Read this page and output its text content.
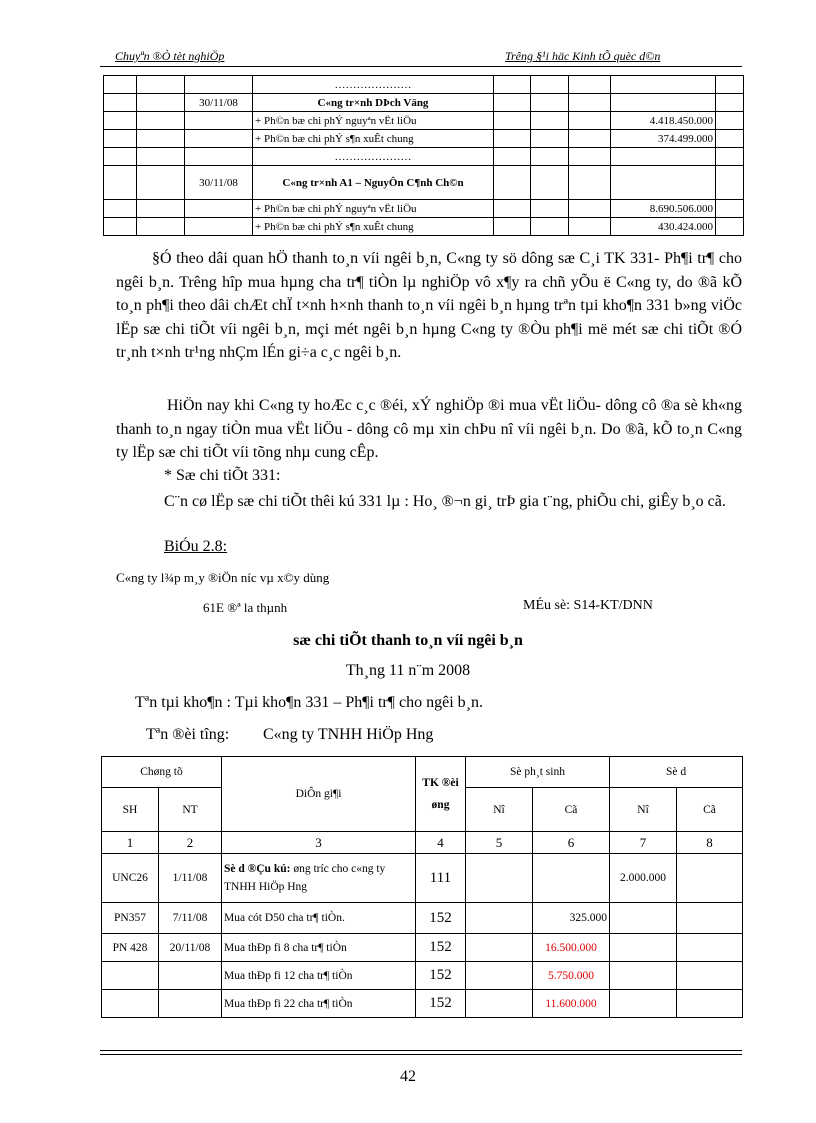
Chuyªn ®Ò tèt nghiÖp	Trêng §¹i häc Kinh tÕ quèc d©n
			…………………					
		30/11/08	C«ng tr×nh DÞch Väng					
			+ Ph©n bæ chi phÝ nguyªn vËt liÖu				4.418.450.000	
			+ Ph©n bæ chi phÝ s¶n xuÊt chung				374.499.000	
			…………………					
		30/11/08	C«ng tr×nh A1 – NguyÔn C¶nh Ch©n					
			+ Ph©n bæ chi phÝ nguyªn vËt liÖu				8.690.506.000	
			+ Ph©n bæ chi phÝ s¶n xuÊt chung				430.424.000	
§Ó theo dâi quan hÖ thanh to¸n víi ngêi b¸n, C«ng ty sö dông sæ C¸i TK 331- Ph¶i tr¶ cho ngêi b¸n. Trêng hîp mua hµng cha tr¶ tiÒn lµ nghiÖp vô x¶y ra chñ yÕu ë C«ng ty, do ®ã kÕ to¸n ph¶i theo dâi chÆt chÏ t×nh h×nh thanh to¸n víi ngêi b¸n hµng trªn tµi kho¶n 331 b»ng viÖc lËp sæ chi tiÕt víi ngêi b¸n, mçi mét ngêi b¸n hµng C«ng ty ®Òu ph¶i më mét sæ chi tiÕt ®Ó tr¸nh t×nh tr¹ng nhÇm lÉn gi÷a c¸c ngêi b¸n.
HiÖn nay khi C«ng ty hoÆc c¸c ®éi, xÝ nghiÖp ®i mua vËt liÖu- dông cô ®a sè kh«ng thanh to¸n ngay tiÒn mua vËt liÖu - dông cô mµ xin chÞu nî víi ngêi b¸n. Do ®ã, kÕ to¸n C«ng ty lËp sæ chi tiÕt víi tõng nhµ cung cÊp.
* Sæ chi tiÕt 331:
C¨n cø lËp sæ chi tiÕt thêi kú 331 lµ : Ho¸ ®¬n gi¸ trÞ gia t¨ng, phiÕu chi, giÊy b¸o cã.
BiÓu 2.8:
C«ng ty l¾p m¸y ®iÖn níc vµ x©y dùng
61E ®ª la thµnh	MÉu sè: S14-KT/DNN
sæ chi tiÕt thanh to¸n víi ngêi b¸n
Th¸ng 11 n¨m 2008
Tªn tµi kho¶n : Tµi kho¶n 331 – Ph¶i tr¶ cho ngêi b¸n.
Tªn ®èi tîng: C«ng ty TNHH HiÖp Hng
Chøng tõ		DiÔn gi¶i	TK ®èi øng	Sè ph¸t sinh		Sè d	
SH	NT			Nî	Cã	Nî	Cã
1	2	3	4	5	6	7	8
UNC26	1/11/08	Sè d ®Çu kú: øng tríc cho c«ng ty TNHH HiÖp Hng	111			2.000.000	
PN357	7/11/08	Mua cót D50 cha tr¶ tiÒn.	152		325.000		
PN 428	20/11/08	Mua thÐp fi 8 cha tr¶ tiÒn	152		16.500.000		
		Mua thÐp fi 12 cha tr¶ tiÒn	152		5.750.000		
		Mua thÐp fi 22 cha tr¶ tiÒn	152		11.600.000		
42
